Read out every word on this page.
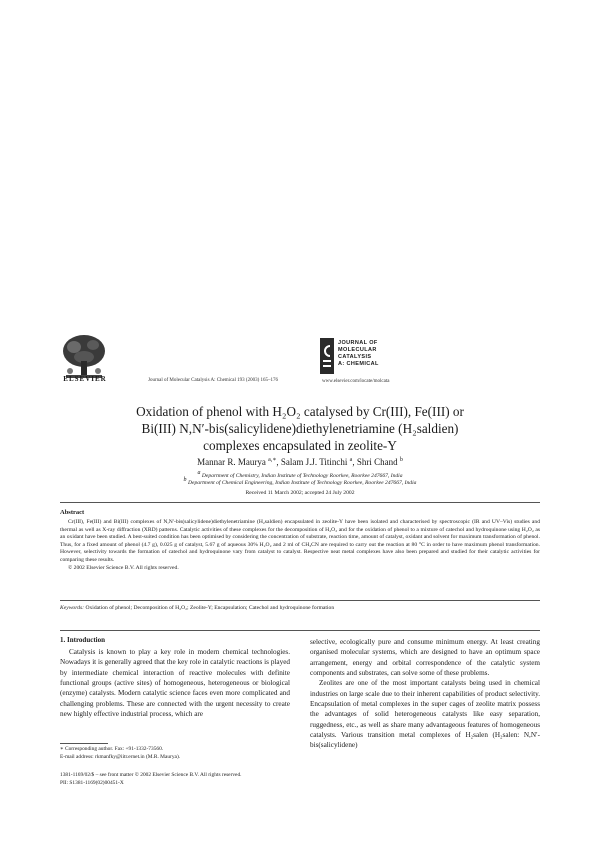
ELSEVIER	Journal of Molecular Catalysis A: Chemical 193 (2003) 165–176
JOURNAL OF
MOLECULAR
CATALYSIS
A: CHEMICAL
www.elsevier.com/locate/molcata
Oxidation of phenol with H₂O₂ catalysed by Cr(III), Fe(III) or
Bi(III) N,N′-bis(salicylidene)diethylenetriamine (H₂saldien)
complexes encapsulated in zeolite-Y
Mannar R. Maurya $^{a,∗}$, Salam J.J. Titinchi $^a$, Shri Chand $^b$
$^a$ Department of Chemistry, Indian Institute of Technology Roorkee, Roorkee 247667, India
$^b$ Department of Chemical Engineering, Indian Institute of Technology Roorkee, Roorkee 247667, India
Received 11 March 2002; accepted 24 July 2002
Abstract
Cr(III), Fe(III) and Bi(III) complexes of N,N′-bis(salicylidene)diethylenetriamine (H₂saldien) encapsulated in zeolite-Y have been isolated and characterised by spectroscopic (IR and UV–Vis) studies and thermal as well as X-ray diffraction (XRD) patterns. Catalytic activities of these complexes for the decomposition of H₂O₂ and for the oxidation of phenol to a mixture of catechol and hydroquinone using H₂O₂ as an oxidant have been studied. A best-suited condition has been optimised by considering the concentration of substrate, reaction time, amount of catalyst, oxidant and solvent for maximum transformation of phenol. Thus, for a fixed amount of phenol (4.7 g), 0.025 g of catalyst, 5.67 g of aqueous 30% H₂O₂ and 2 ml of CH₃CN are required to carry out the reaction at 80 °C in order to have maximum phenol transformation. However, selectivity towards the formation of catechol and hydroquinone vary from catalyst to catalyst. Respective neat metal complexes have also been prepared and studied for their catalytic activities for comparing these results.
© 2002 Elsevier Science B.V. All rights reserved.
Keywords: Oxidation of phenol; Decomposition of H₂O₂; Zeolite-Y; Encapsulation; Catechol and hydroquinone formation
1. Introduction

Catalysis is known to play a key role in modern chemical technologies. Nowadays it is generally agreed that the key role in catalytic reactions is played by intermediate chemical interaction of reactive molecules with definite functional groups (active sites) of homogeneous, heterogeneous or biological (enzyme) catalysts. Modern catalytic science faces even more complicated and challenging problems. These are connected with the urgent necessity to create new highly effective industrial process, which are

selective, ecologically pure and consume minimum energy. At least creating organised molecular systems, which are designed to have an optimum space arrangement, energy and orbital correspondence of the catalytic system components and substrates, can solve some of these problems.

Zeolites are one of the most important catalysts being used in chemical industries on large scale due to their inherent capabilities of product selectivity. Encapsulation of metal complexes in the super cages of zeolite matrix possess the advantages of solid heterogeneous catalysts like easy separation, ruggedness, etc., as well as share many advantageous features of homogeneous catalysts. Various transition metal complexes of H₂salen (H₂salen: N,N′-bis(salicylidene)

∗ Corresponding author. Fax: +91-1332-73560.
E-mail address: rkmanfky@iitr.ernet.in (M.R. Maurya).
1381-1169/02/$ – see front matter © 2002 Elsevier Science B.V. All rights reserved.
PII: S1381-1169(02)00451-X
